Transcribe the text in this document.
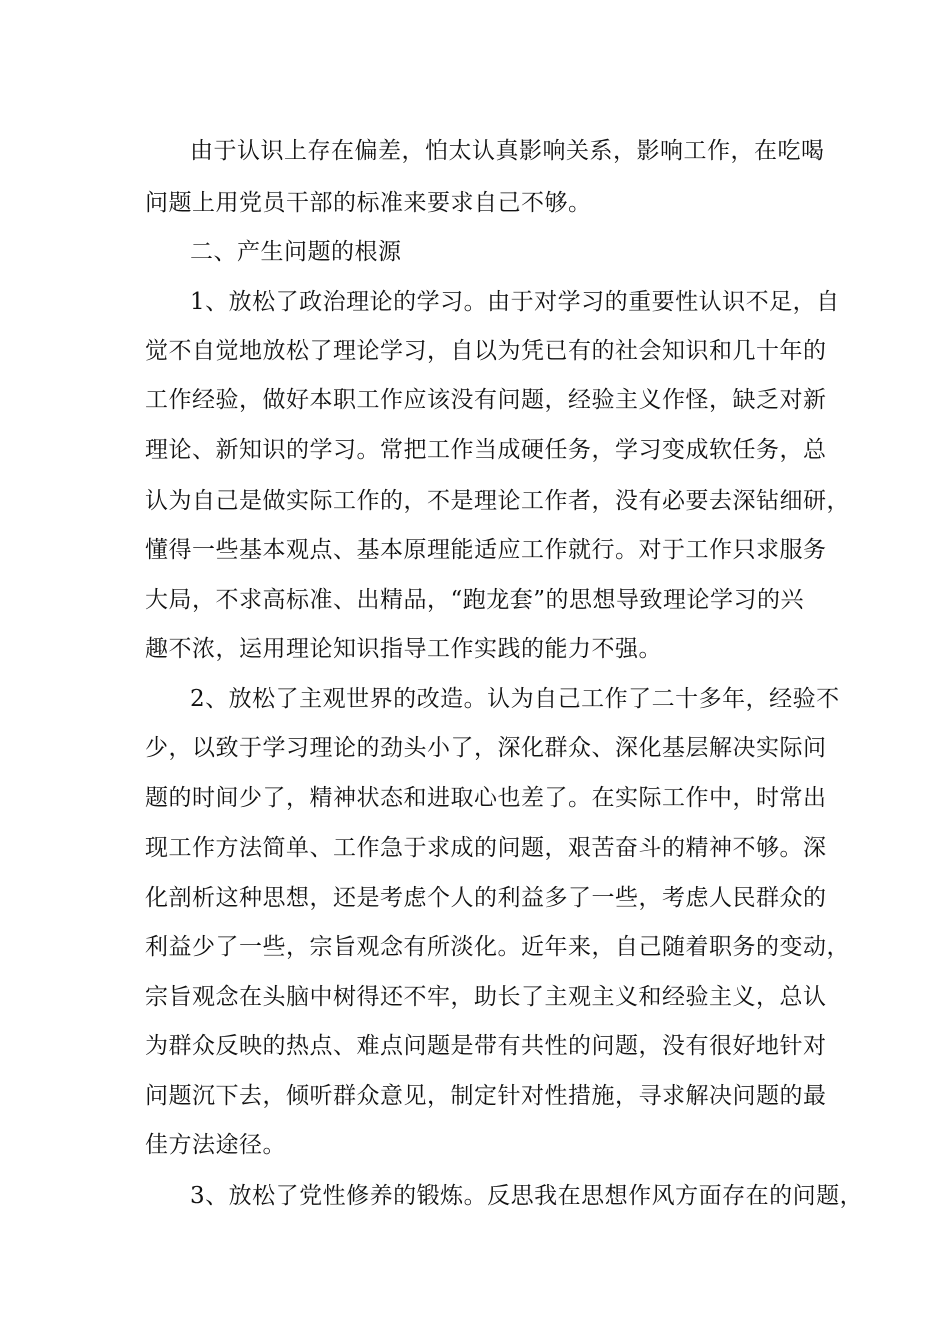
由于认识上存在偏差，怕太认真影响关系，影响工作，在吃喝
问题上用党员干部的标准来要求自己不够。
二、产生问题的根源
1、放松了政治理论的学习。由于对学习的重要性认识不足，自
觉不自觉地放松了理论学习，自以为凭已有的社会知识和几十年的
工作经验，做好本职工作应该没有问题，经验主义作怪，缺乏对新
理论、新知识的学习。常把工作当成硬任务，学习变成软任务，总
认为自己是做实际工作的，不是理论工作者，没有必要去深钻细研，
懂得一些基本观点、基本原理能适应工作就行。对于工作只求服务
大局，不求高标准、出精品，“跑龙套”的思想导致理论学习的兴
趣不浓，运用理论知识指导工作实践的能力不强。
2、放松了主观世界的改造。认为自己工作了二十多年，经验不
少，以致于学习理论的劲头小了，深化群众、深化基层解决实际问
题的时间少了，精神状态和进取心也差了。在实际工作中，时常出
现工作方法简单、工作急于求成的问题，艰苦奋斗的精神不够。深
化剖析这种思想，还是考虑个人的利益多了一些，考虑人民群众的
利益少了一些，宗旨观念有所淡化。近年来，自己随着职务的变动，
宗旨观念在头脑中树得还不牢，助长了主观主义和经验主义，总认
为群众反映的热点、难点问题是带有共性的问题，没有很好地针对
问题沉下去，倾听群众意见，制定针对性措施，寻求解决问题的最
佳方法途径。
3、放松了党性修养的锻炼。反思我在思想作风方面存在的问题，
